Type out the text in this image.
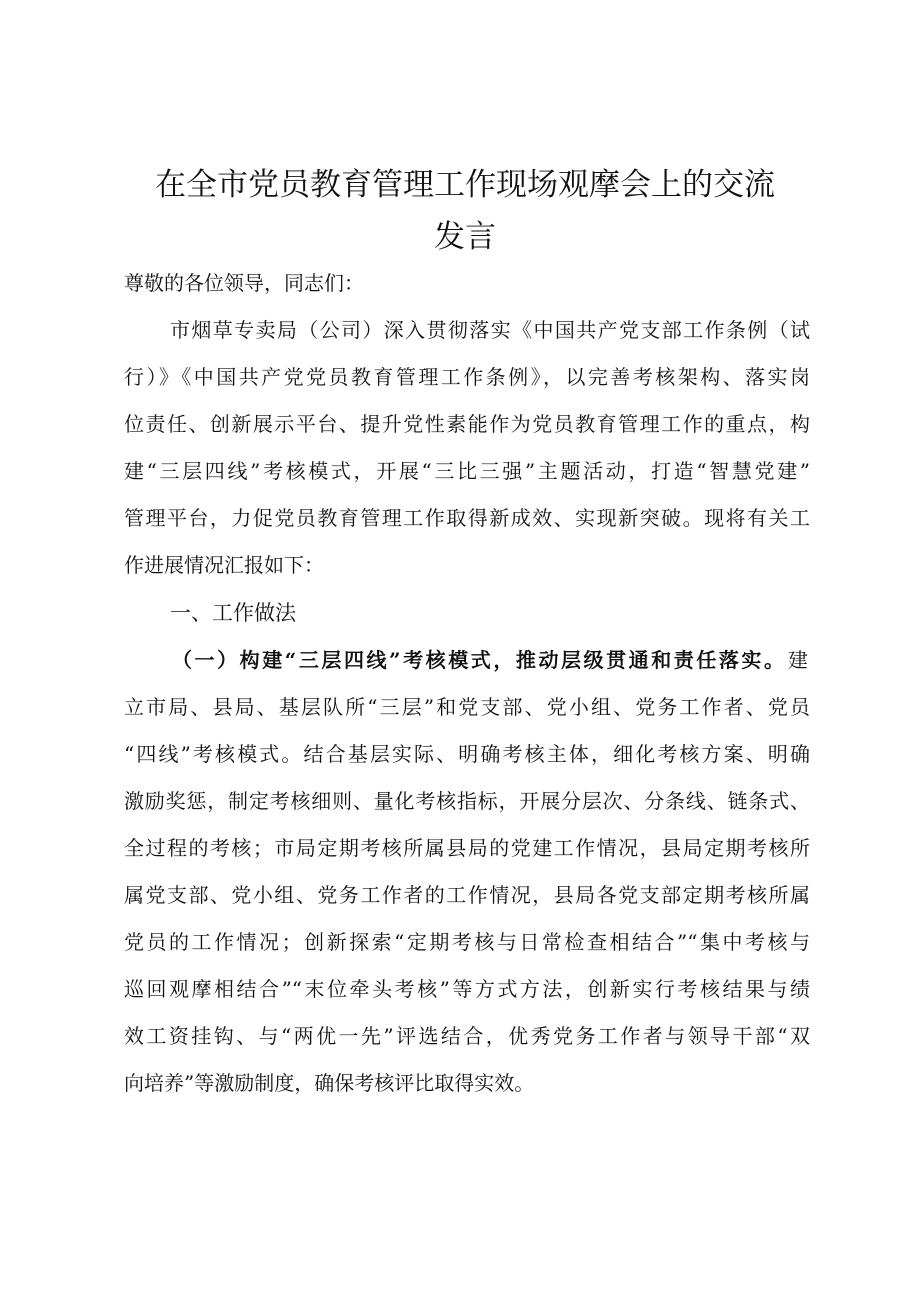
在全市党员教育管理工作现场观摩会上的交流
发言
尊敬的各位领导，同志们：
市烟草专卖局（公司）深入贯彻落实《中国共产党支部工作条例（试
行）》《中国共产党党员教育管理工作条例》，以完善考核架构、落实岗
位责任、创新展示平台、提升党性素能作为党员教育管理工作的重点，构
建“三层四线”考核模式，开展“三比三强”主题活动，打造“智慧党建”
管理平台，力促党员教育管理工作取得新成效、实现新突破。现将有关工
作进展情况汇报如下：
一、工作做法
（一）构建“三层四线”考核模式，推动层级贯通和责任落实。 建
立市局、县局、基层队所“三层”和党支部、党小组、党务工作者、党员
“四线”考核模式。结合基层实际、明确考核主体，细化考核方案、明确
激励奖惩，制定考核细则、量化考核指标，开展分层次、分条线、链条式、
全过程的考核；市局定期考核所属县局的党建工作情况，县局定期考核所
属党支部、党小组、党务工作者的工作情况，县局各党支部定期考核所属
党员的工作情况；创新探索“定期考核与日常检查相结合”“集中考核与
巡回观摩相结合”“末位牵头考核”等方式方法，创新实行考核结果与绩
效工资挂钩、与“两优一先”评选结合，优秀党务工作者与领导干部“双
向培养”等激励制度，确保考核评比取得实效。
